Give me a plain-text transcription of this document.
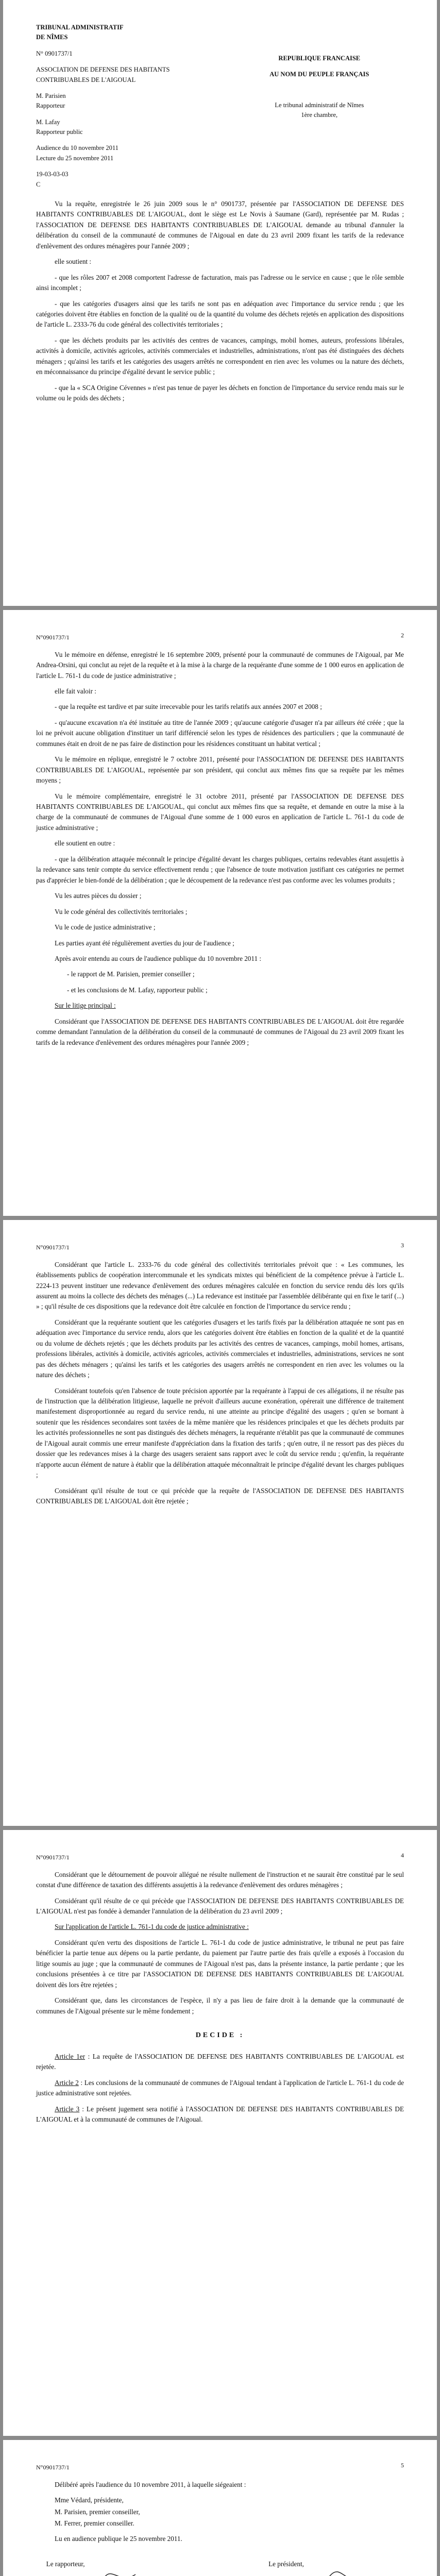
TRIBUNAL ADMINISTRATIF
DE NÎMES
N° 0901737/1
ASSOCIATION DE DEFENSE DES HABITANTS CONTRIBUABLES DE L'AIGOUAL
M. Parisien
Rapporteur
M. Lafay
Rapporteur public
Audience du 10 novembre 2011
Lecture du 25 novembre 2011
19-03-03-03
C
REPUBLIQUE FRANCAISE
AU NOM DU PEUPLE FRANÇAIS
Le tribunal administratif de Nîmes
1ère chambre,

Vu la requête, enregistrée le 26 juin 2009 sous le n° 0901737, présentée par l'ASSOCIATION DE DEFENSE DES HABITANTS CONTRIBUABLES DE L'AIGOUAL, dont le siège est Le Novis à Saumane (Gard), représentée par M. Rudas ; l'ASSOCIATION DE DEFENSE DES HABITANTS CONTRIBUABLES DE L'AIGOUAL demande au tribunal d'annuler la délibération du conseil de la communauté de communes de l'Aigoual en date du 23 avril 2009 fixant les tarifs de la redevance d'enlèvement des ordures ménagères pour l'année 2009 ;

elle soutient :

- que les rôles 2007 et 2008 comportent l'adresse de facturation, mais pas l'adresse ou le service en cause ; que le rôle semble ainsi incomplet ;

- que les catégories d'usagers ainsi que les tarifs ne sont pas en adéquation avec l'importance du service rendu ; que les catégories doivent être établies en fonction de la qualité ou de la quantité du volume des déchets rejetés en application des dispositions de l'article L. 2333-76 du code général des collectivités territoriales ;

- que les déchets produits par les activités des centres de vacances, campings, mobil homes, auteurs, professions libérales, activités à domicile, activités agricoles, activités commerciales et industrielles, administrations, n'ont pas été distinguées des déchets ménagers ; qu'ainsi les tarifs et les catégories des usagers arrêtés ne correspondent en rien avec les volumes ou la nature des déchets, en méconnaissance du principe d'égalité devant le service public ;

- que la « SCA Origine Cévennes » n'est pas tenue de payer les déchets en fonction de l'importance du service rendu mais sur le volume ou le poids des déchets ;

2
N°0901737/1

Vu le mémoire en défense, enregistré le 16 septembre 2009, présenté pour la communauté de communes de l'Aigoual, par Me Andrea-Orsini, qui conclut au rejet de la requête et à la mise à la charge de la requérante d'une somme de 1 000 euros en application de l'article L. 761-1 du code de justice administrative ;

elle fait valoir :

- que la requête est tardive et par suite irrecevable pour les tarifs relatifs aux années 2007 et 2008 ;

- qu'aucune excavation n'a été instituée au titre de l'année 2009 ; qu'aucune catégorie d'usager n'a par ailleurs été créée ; que la loi ne prévoit aucune obligation d'instituer un tarif différencié selon les types de résidences des particuliers ; que la communauté de communes était en droit de ne pas faire de distinction pour les résidences constituant un habitat vertical ;

Vu le mémoire en réplique, enregistré le 7 octobre 2011, présenté pour l'ASSOCIATION DE DEFENSE DES HABITANTS CONTRIBUABLES DE L'AIGOUAL, représentée par son président, qui conclut aux mêmes fins que sa requête par les mêmes moyens ;

Vu le mémoire complémentaire, enregistré le 31 octobre 2011, présenté par l'ASSOCIATION DE DEFENSE DES HABITANTS CONTRIBUABLES DE L'AIGOUAL, qui conclut aux mêmes fins que sa requête, et demande en outre la mise à la charge de la communauté de communes de l'Aigoual d'une somme de 1 000 euros en application de l'article L. 761-1 du code de justice administrative ;

elle soutient en outre :

- que la délibération attaquée méconnaît le principe d'égalité devant les charges publiques, certains redevables étant assujettis à la redevance sans tenir compte du service effectivement rendu ; que l'absence de toute motivation justifiant ces catégories ne permet pas d'apprécier le bien-fondé de la délibération ; que le découpement de la redevance n'est pas conforme avec les volumes produits ;

Vu les autres pièces du dossier ;

Vu le code général des collectivités territoriales ;

Vu le code de justice administrative ;

Les parties ayant été régulièrement averties du jour de l'audience ;

Après avoir entendu au cours de l'audience publique du 10 novembre 2011 :

- le rapport de M. Parisien, premier conseiller ;

- et les conclusions de M. Lafay, rapporteur public ;

Sur le litige principal :

Considérant que l'ASSOCIATION DE DEFENSE DES HABITANTS CONTRIBUABLES DE L'AIGOUAL doit être regardée comme demandant l'annulation de la délibération du conseil de la communauté de communes de l'Aigoual du 23 avril 2009 fixant les tarifs de la redevance d'enlèvement des ordures ménagères pour l'année 2009 ;

3
N°0901737/1

Considérant que l'article L. 2333-76 du code général des collectivités territoriales prévoit que : « Les communes, les établissements publics de coopération intercommunale et les syndicats mixtes qui bénéficient de la compétence prévue à l'article L. 2224-13 peuvent instituer une redevance d'enlèvement des ordures ménagères calculée en fonction du service rendu dès lors qu'ils assurent au moins la collecte des déchets des ménages (...) La redevance est instituée par l'assemblée délibérante qui en fixe le tarif (...) » ; qu'il résulte de ces dispositions que la redevance doit être calculée en fonction de l'importance du service rendu ;

Considérant que la requérante soutient que les catégories d'usagers et les tarifs fixés par la délibération attaquée ne sont pas en adéquation avec l'importance du service rendu, alors que les catégories doivent être établies en fonction de la qualité et de la quantité ou du volume de déchets rejetés ; que les déchets produits par les activités des centres de vacances, campings, mobil homes, artisans, professions libérales, activités à domicile, activités agricoles, activités commerciales et industrielles, administrations, services ne sont pas des déchets ménagers ; qu'ainsi les tarifs et les catégories des usagers arrêtés ne correspondent en rien avec les volumes ou la nature des déchets ;

Considérant toutefois qu'en l'absence de toute précision apportée par la requérante à l'appui de ces allégations, il ne résulte pas de l'instruction que la délibération litigieuse, laquelle ne prévoit d'ailleurs aucune exonération, opérerait une différence de traitement manifestement disproportionnée au regard du service rendu, ni une atteinte au principe d'égalité des usagers ; qu'en se bornant à soutenir que les résidences secondaires sont taxées de la même manière que les résidences principales et que les déchets produits par les activités professionnelles ne sont pas distingués des déchets ménagers, la requérante n'établit pas que la communauté de communes de l'Aigoual aurait commis une erreur manifeste d'appréciation dans la fixation des tarifs ; qu'en outre, il ne ressort pas des pièces du dossier que les redevances mises à la charge des usagers seraient sans rapport avec le coût du service rendu ; qu'enfin, la requérante n'apporte aucun élément de nature à établir que la délibération attaquée méconnaîtrait le principe d'égalité devant les charges publiques ;

Considérant qu'il résulte de tout ce qui précède que la requête de l'ASSOCIATION DE DEFENSE DES HABITANTS CONTRIBUABLES DE L'AIGOUAL doit être rejetée ;

4
N°0901737/1

Considérant que le détournement de pouvoir allégué ne résulte nullement de l'instruction et ne saurait être constitué par le seul constat d'une différence de taxation des différents assujettis à la redevance d'enlèvement des ordures ménagères ;

Considérant qu'il résulte de ce qui précède que l'ASSOCIATION DE DEFENSE DES HABITANTS CONTRIBUABLES DE L'AIGOUAL n'est pas fondée à demander l'annulation de la délibération du 23 avril 2009 ;

Sur l'application de l'article L. 761-1 du code de justice administrative :

Considérant qu'en vertu des dispositions de l'article L. 761-1 du code de justice administrative, le tribunal ne peut pas faire bénéficier la partie tenue aux dépens ou la partie perdante, du paiement par l'autre partie des frais qu'elle a exposés à l'occasion du litige soumis au juge ; que la communauté de communes de l'Aigoual n'est pas, dans la présente instance, la partie perdante ; que les conclusions présentées à ce titre par l'ASSOCIATION DE DEFENSE DES HABITANTS CONTRIBUABLES DE L'AIGOUAL doivent dès lors être rejetées ;

Considérant que, dans les circonstances de l'espèce, il n'y a pas lieu de faire droit à la demande que la communauté de communes de l'Aigoual présente sur le même fondement ;

DECIDE :

Article 1er : La requête de l'ASSOCIATION DE DEFENSE DES HABITANTS CONTRIBUABLES DE L'AIGOUAL est rejetée.

Article 2 : Les conclusions de la communauté de communes de l'Aigoual tendant à l'application de l'article L. 761-1 du code de justice administrative sont rejetées.

Article 3 : Le présent jugement sera notifié à l'ASSOCIATION DE DEFENSE DES HABITANTS CONTRIBUABLES DE L'AIGOUAL et à la communauté de communes de l'Aigoual.

5
N°0901737/1

Délibéré après l'audience du 10 novembre 2011, à laquelle siégeaient :

Mme Védard, présidente,

M. Parisien, premier conseiller,

M. Ferrer, premier conseiller.

Lu en audience publique le 25 novembre 2011.

Le rapporteur,	Le président,
